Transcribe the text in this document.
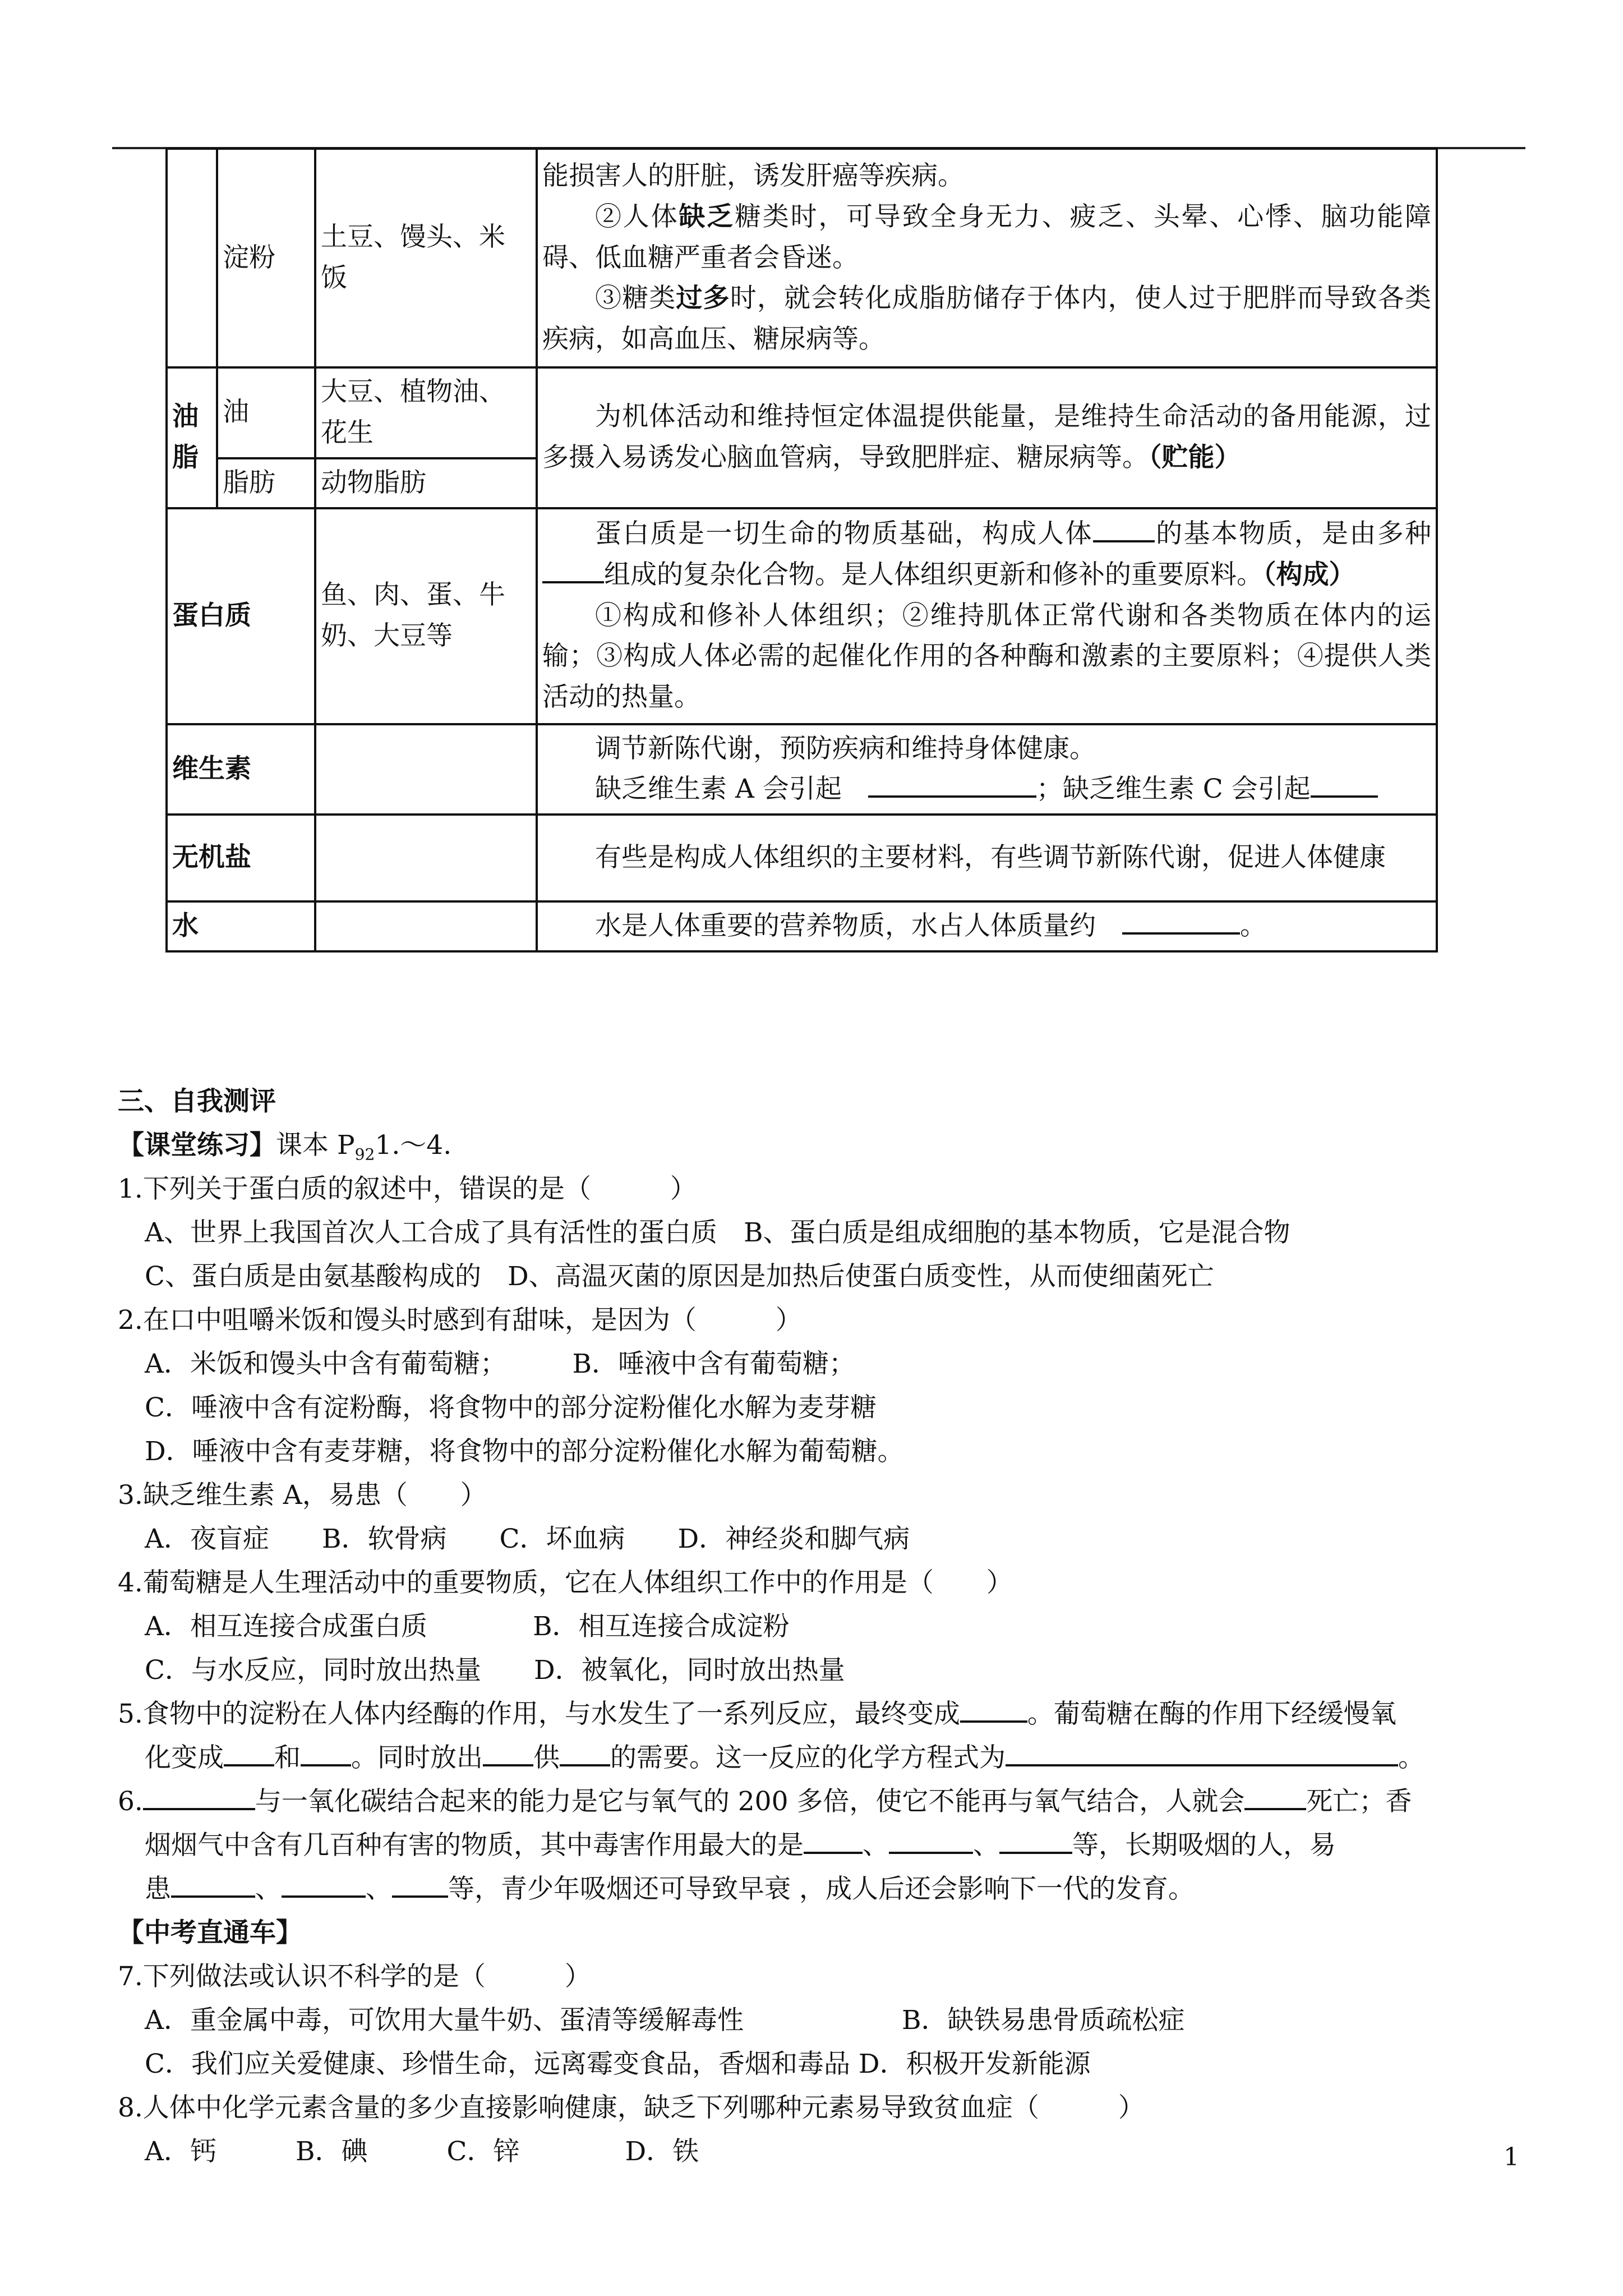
	淀粉	土豆、馒头、米饭	能损害人的肝脏，诱发肝癌等疾病。

②人体缺乏糖类时，可导致全身无力、疲乏、头晕、心悸、脑功能障碍、低血糖严重者会昏迷。

③糖类过多时，就会转化成脂肪储存于体内，使人过于肥胖而导致各类疾病，如高血压、糖尿病等。

油脂	油	大豆、植物油、花生	为机体活动和维持恒定体温提供能量，是维持生命活动的备用能源，过多摄入易诱发心脑血管病，导致肥胖症、糖尿病等。（贮能）

	脂肪	动物脂肪	
蛋白质		鱼、肉、蛋、牛奶、大豆等	蛋白质是一切生命的物质基础，构成人体 的基本物质，是由多种组成的复杂化合物。是人体组织更新和修补的重要原料。（构成）

①构成和修补人体组织；②维持肌体正常代谢和各类物质在体内的运输；③构成人体必需的起催化作用的各种酶和激素的主要原料；④提供人类活动的热量。

维生素			调节新陈代谢，预防疾病和维持身体健康。

缺乏维生素 A 会引起　 ；缺乏维生素 C 会引起

无机盐			有些是构成人体组织的主要材料，有些调节新陈代谢，促进人体健康

水			水是人体重要的营养物质，水占人体质量约　 。

三、自我测评
【课堂练习】课本 $P_{92}1.\sim 4$.
1.下列关于蛋白质的叙述中，错误的是（　　　）
A、世界上我国首次人工合成了具有活性的蛋白质　B、蛋白质是组成细胞的基本物质，它是混合物
C、蛋白质是由氨基酸构成的　D、高温灭菌的原因是加热后使蛋白质变性，从而使细菌死亡
2.在口中咀嚼米饭和馒头时感到有甜味，是因为（　　　）
A．米饭和馒头中含有葡萄糖；　　　B．唾液中含有葡萄糖；
C．唾液中含有淀粉酶，将食物中的部分淀粉催化水解为麦芽糖
D．唾液中含有麦芽糖，将食物中的部分淀粉催化水解为葡萄糖。
3.缺乏维生素 A，易患（　　）
A．夜盲症　　B．软骨病　　C．坏血病　　D．神经炎和脚气病
4.葡萄糖是人生理活动中的重要物质，它在人体组织工作中的作用是（　　）
A．相互连接合成蛋白质　　　　B．相互连接合成淀粉
C．与水反应，同时放出热量　　D．被氧化，同时放出热量
5.食物中的淀粉在人体内经酶的作用，与水发生了一系列反应，最终变成	。葡萄糖在酶的作用下经缓慢氧
化变成 和 。同时放出 供 的需要。这一反应的化学方程式为	。
6.	与一氧化碳结合起来的能力是它与氧气的 200 多倍，使它不能再与氧气结合，人就会 死亡；香
烟烟气中含有几百种有害的物质，其中毒害作用最大的是 、	、	等，长期吸烟的人，易
患	、	、 等，青少年吸烟还可导致早衰 ，成人后还会影响下一代的发育。
【中考直通车】
7.下列做法或认识不科学的是（　　　）
A．重金属中毒，可饮用大量牛奶、蛋清等缓解毒性　　　　　　B．缺铁易患骨质疏松症
C．我们应关爱健康、珍惜生命，远离霉变食品，香烟和毒品 D．积极开发新能源
8.人体中化学元素含量的多少直接影响健康，缺乏下列哪种元素易导致贫血症（　　　）
A．钙　　　B．碘　　　C．锌　　　　D．铁	1
